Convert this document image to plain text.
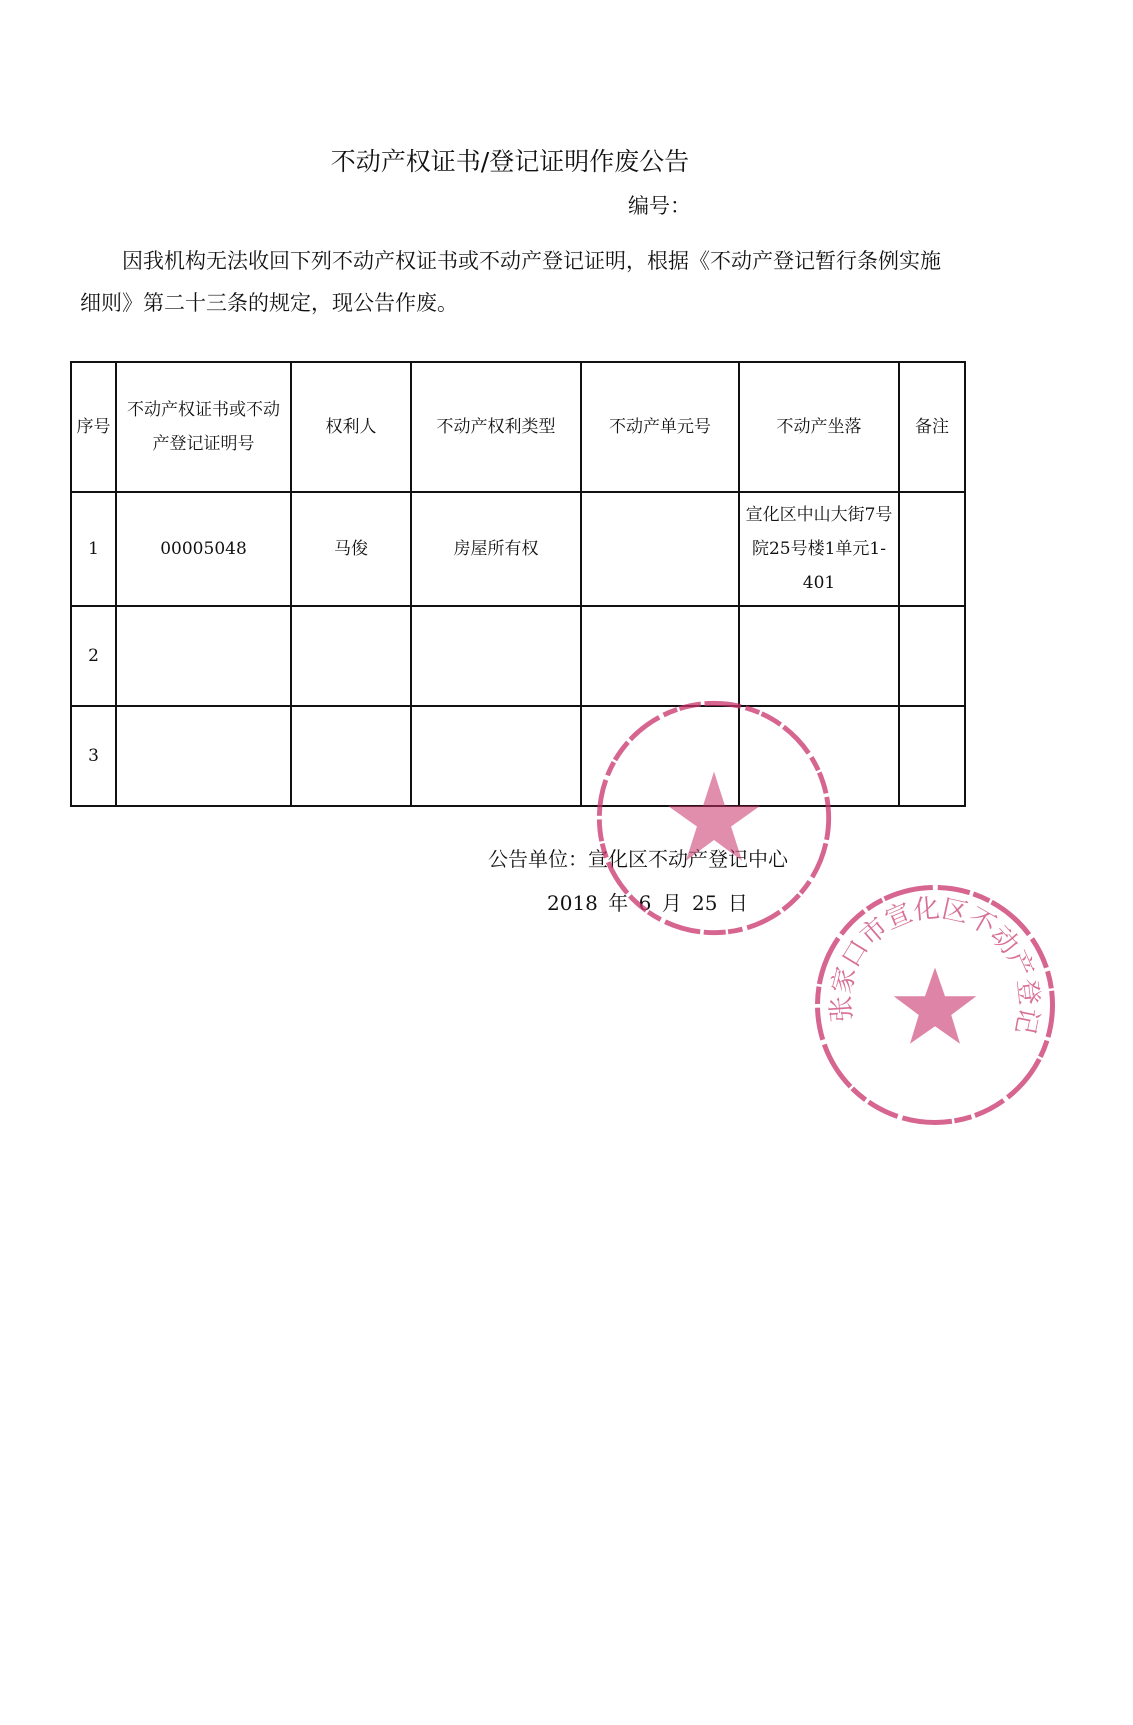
不动产权证书/登记证明作废公告
编号：
因我机构无法收回下列不动产权证书或不动产登记证明，根据《不动产登记暂行条例实施细则》第二十三条的规定，现公告作废。
序号	不动产权证书或不动产登记证明号	权利人	不动产权利类型	不动产单元号	不动产坐落	备注
1	00005048	马俊	房屋所有权		宣化区中山大街7号院25号楼1单元1-401	
2						
3						
公告单位：宣化区不动产登记中心
2018 年 6 月 25 日
张家口市宣化区不动产登记
